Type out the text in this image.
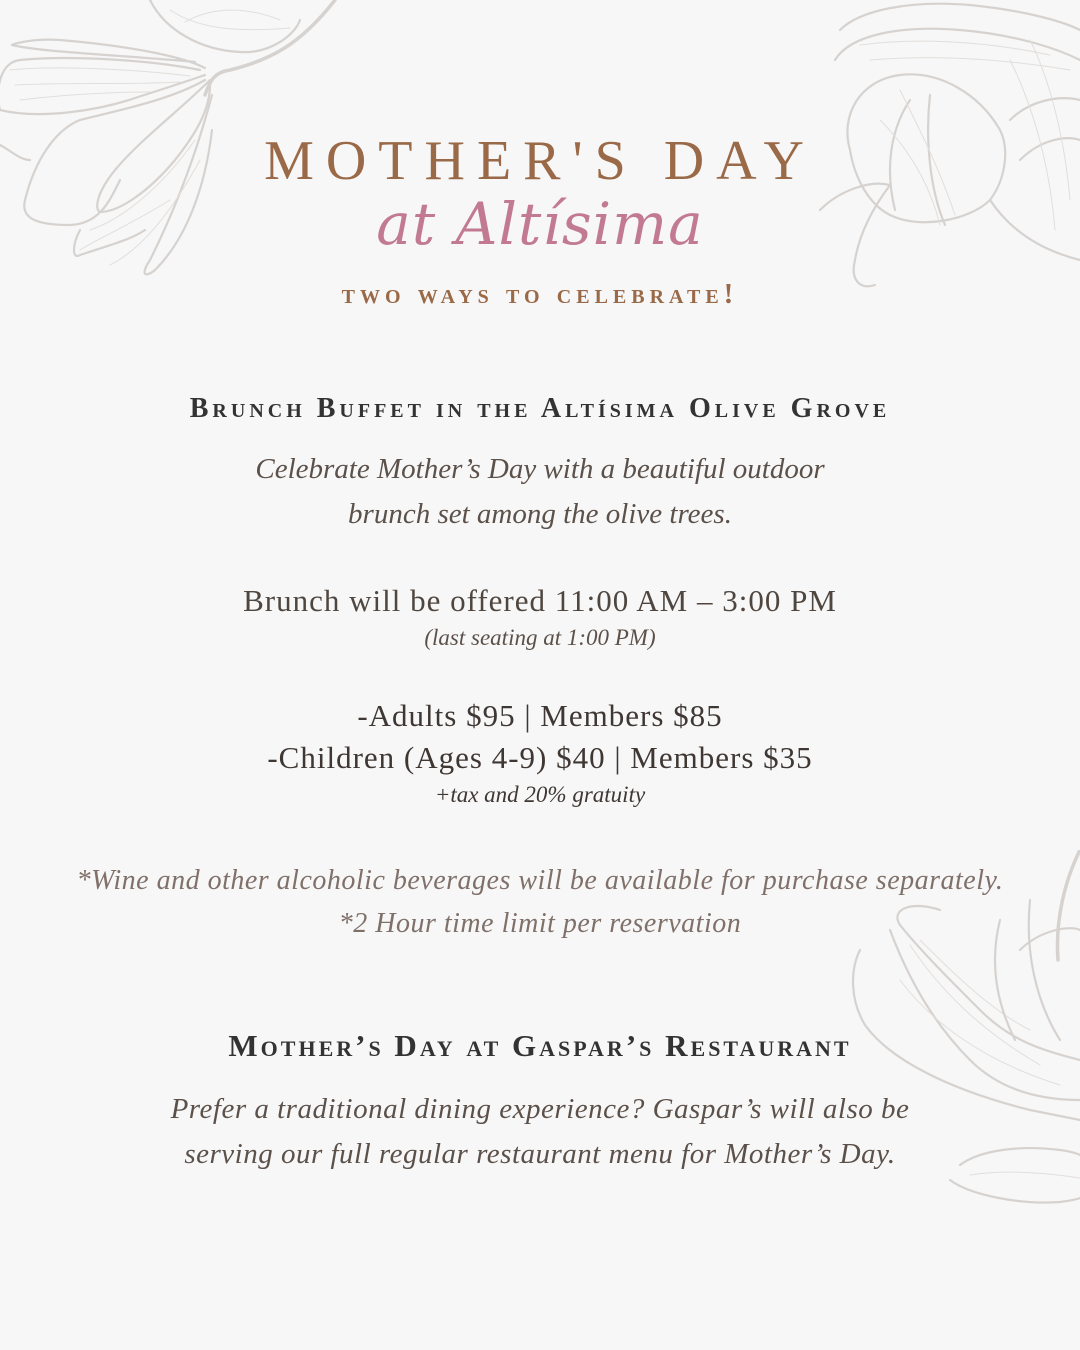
MOTHER'S DAY
at Altísima
two ways to celebrate!
Brunch Buffet in the Altísima Olive Grove
Celebrate Mother’s Day with a beautiful outdoor
brunch set among the olive trees.
Brunch will be offered 11:00 AM – 3:00 PM
(last seating at 1:00 PM)
-Adults $95 | Members $85
-Children (Ages 4-9) $40 | Members $35
+tax and 20% gratuity
*Wine and other alcoholic beverages will be available for purchase separately.
*2 Hour time limit per reservation
Mother’s Day at Gaspar’s Restaurant
Prefer a traditional dining experience? Gaspar’s will also be
serving our full regular restaurant menu for Mother’s Day.
